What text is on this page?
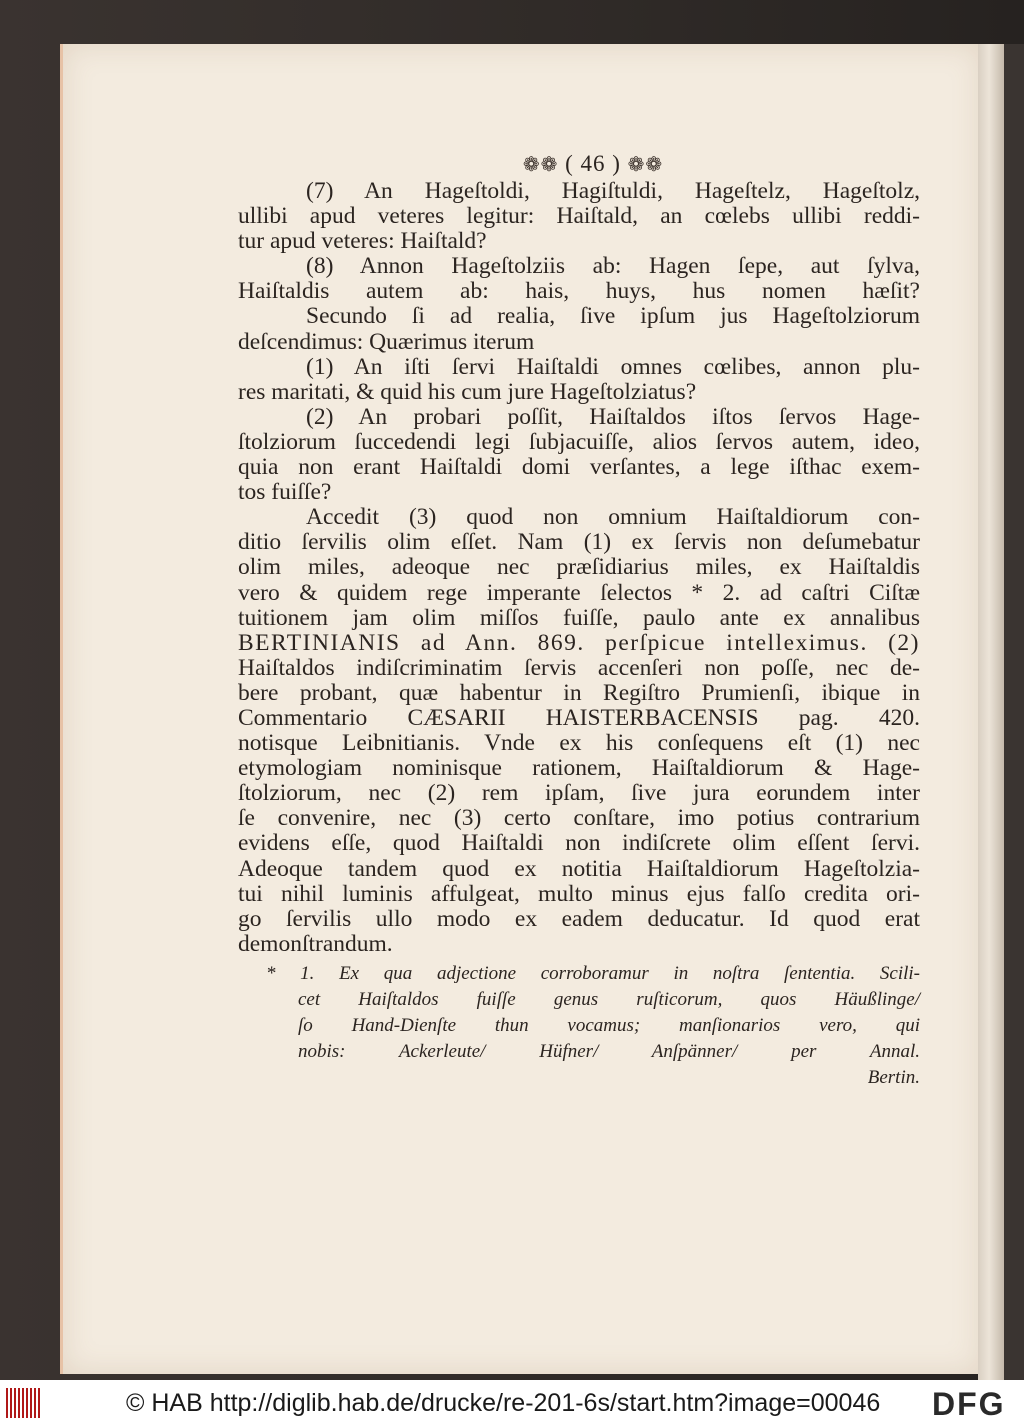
❁❁ ( 46 ) ❁❁
(7) An Hageſtoldi, Hagiſtuldi, Hageſtelz, Hageſtolz,
ullibi apud veteres legitur: Haiſtald, an cœlebs ullibi reddi-
tur apud veteres: Haiſtald?
(8) Annon Hageſtolziis ab: Hagen ſepe, aut ſylva,
Haiſtaldis autem ab: hais, huys, hus nomen hæſit?
Secundo ſi ad realia, ſive ipſum jus Hageſtolziorum
deſcendimus: Quærimus iterum
(1) An iſti ſervi Haiſtaldi omnes cœlibes, annon plu-
res maritati, & quid his cum jure Hageſtolziatus?
(2) An probari poſſit, Haiſtaldos iſtos ſervos Hage-
ſtolziorum ſuccedendi legi ſubjacuiſſe, alios ſervos autem, ideo,
quia non erant Haiſtaldi domi verſantes, a lege iſthac exem-
tos fuiſſe?
Accedit (3) quod non omnium Haiſtaldiorum con-
ditio ſervilis olim eſſet. Nam (1) ex ſervis non deſumebatur
olim miles, adeoque nec præſidiarius miles, ex Haiſtaldis
vero & quidem rege imperante ſelectos * 2. ad caſtri Ciſtæ
tuitionem jam olim miſſos fuiſſe, paulo ante ex annalibus
BERTINIANIS ad Ann. 869. perſpicue intelleximus. (2)
Haiſtaldos indiſcriminatim ſervis accenſeri non poſſe, nec de-
bere probant, quæ habentur in Regiſtro Prumienſi, ibique in
Commentario CÆSARII HAISTERBACENSIS pag. 420.
notisque Leibnitianis. Vnde ex his conſequens eſt (1) nec
etymologiam nominisque rationem, Haiſtaldiorum & Hage-
ſtolziorum, nec (2) rem ipſam, ſive jura eorundem inter
ſe convenire, nec (3) certo conſtare, imo potius contrarium
evidens eſſe, quod Haiſtaldi non indiſcrete olim eſſent ſervi.
Adeoque tandem quod ex notitia Haiſtaldiorum Hageſtolzia-
tui nihil luminis affulgeat, multo minus ejus falſo credita ori-
go ſervilis ullo modo ex eadem deducatur. Id quod erat
demonſtrandum.
* 1. Ex qua adjectione corroboramur in noſtra ſententia. Scili-
cet Haiſtaldos fuiſſe genus ruſticorum, quos Häußlinge/
ſo Hand-Dienſte thun vocamus; manſionarios vero, qui
nobis: Ackerleute/ Hüfner/ Anſpänner/ per Annal.
Bertin.
© HAB http://diglib.hab.de/drucke/re-201-6s/start.htm?image=00046 DFG
